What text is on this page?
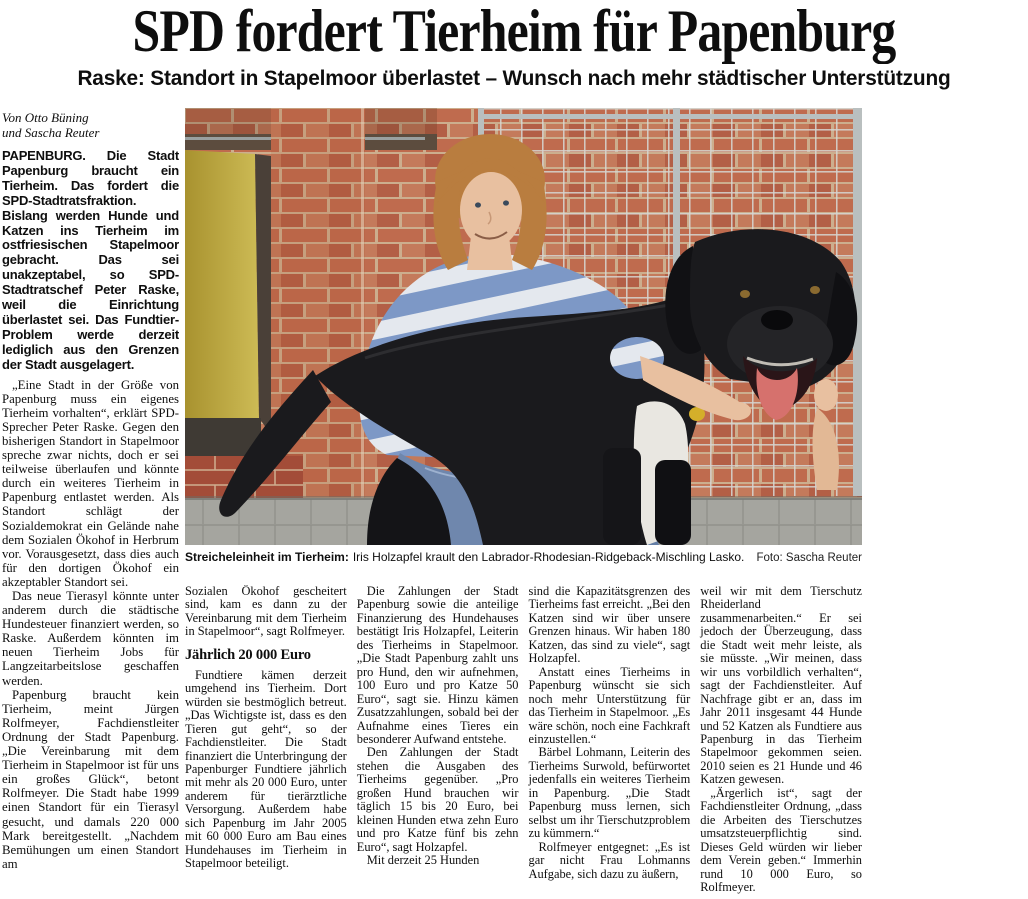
SPD fordert Tierheim für Papenburg
Raske: Standort in Stapelmoor überlastet – Wunsch nach mehr städtischer Unterstützung
Von Otto Büning
und Sascha Reuter

PAPENBURG. Die Stadt Papenburg braucht ein Tierheim. Das fordert die SPD-Stadtratsfraktion. Bislang werden Hunde und Katzen ins Tierheim im ostfriesischen Stapelmoor gebracht. Das sei unakzeptabel, so SPD-Stadtratschef Peter Raske, weil die Einrichtung überlastet sei. Das Fundtier-Problem werde derzeit lediglich aus den Grenzen der Stadt ausgelagert.

„Eine Stadt in der Größe von Papenburg muss ein eigenes Tierheim vorhalten“, erklärt SPD-Sprecher Peter Raske. Gegen den bisherigen Standort in Stapelmoor spreche zwar nichts, doch er sei teilweise überlaufen und könnte durch ein weiteres Tierheim in Papenburg entlastet werden. Als Standort schlägt der Sozialdemokrat ein Gelände nahe dem Sozialen Ökohof in Herbrum vor. Vorausgesetzt, dass dies auch für den dortigen Ökohof ein akzeptabler Standort sei.

Das neue Tierasyl könnte unter anderem durch die städtische Hundesteuer finanziert werden, so Raske. Außerdem könnten im neuen Tierheim Jobs für Langzeitarbeitslose geschaffen werden.

Papenburg braucht kein Tierheim, meint Jürgen Rolfmeyer, Fachdienstleiter Ordnung der Stadt Papenburg. „Die Vereinbarung mit dem Tierheim in Stapelmoor ist für uns ein großes Glück“, betont Rolfmeyer. Die Stadt habe 1999 einen Standort für ein Tierasyl gesucht, und damals 220 000 Mark bereitgestellt. „Nachdem Bemühungen um einen Standort am

Streicheleinheit im Tierheim: Iris Holzapfel krault den Labrador-Rhodesian-Ridgeback-Mischling Lasko. Foto: Sascha Reuter

Sozialen Ökohof gescheitert sind, kam es dann zu der Vereinbarung mit dem Tierheim in Stapelmoor“, sagt Rolfmeyer.

Jährlich 20 000 Euro

Fundtiere kämen derzeit umgehend ins Tierheim. Dort würden sie bestmöglich betreut. „Das Wichtigste ist, dass es den Tieren gut geht“, so der Fachdienstleiter. Die Stadt finanziert die Unterbringung der Papenburger Fundtiere jährlich mit mehr als 20 000 Euro, unter anderem für tierärztliche Versorgung. Außerdem habe sich Papenburg im Jahr 2005 mit 60 000 Euro am Bau eines Hundehauses im Tierheim in Stapelmoor beteiligt.

Die Zahlungen der Stadt Papenburg sowie die anteilige Finanzierung des Hundehauses bestätigt Iris Holzapfel, Leiterin des Tierheims in Stapelmoor. „Die Stadt Papenburg zahlt uns pro Hund, den wir aufnehmen, 100 Euro und pro Katze 50 Euro“, sagt sie. Hinzu kämen Zusatzzahlungen, sobald bei der Aufnahme eines Tieres ein besonderer Aufwand entstehe.

Den Zahlungen der Stadt stehen die Ausgaben des Tierheims gegenüber. „Pro großen Hund brauchen wir täglich 15 bis 20 Euro, bei kleinen Hunden etwa zehn Euro und pro Katze fünf bis zehn Euro“, sagt Holzapfel.

Mit derzeit 25 Hunden

sind die Kapazitätsgrenzen des Tierheims fast erreicht. „Bei den Katzen sind wir über unsere Grenzen hinaus. Wir haben 180 Katzen, das sind zu viele“, sagt Holzapfel.

Anstatt eines Tierheims in Papenburg wünscht sie sich noch mehr Unterstützung für das Tierheim in Stapelmoor. „Es wäre schön, noch eine Fachkraft einzustellen.“

Bärbel Lohmann, Leiterin des Tierheims Surwold, befürwortet jedenfalls ein weiteres Tierheim in Papenburg. „Die Stadt Papenburg muss lernen, sich selbst um ihr Tierschutzproblem zu kümmern.“

Rolfmeyer entgegnet: „Es ist gar nicht Frau Lohmanns Aufgabe, sich dazu zu äußern,

weil wir mit dem Tierschutz Rheiderland zusammenarbeiten.“ Er sei jedoch der Überzeugung, dass die Stadt weit mehr leiste, als sie müsste. „Wir meinen, dass wir uns vorbildlich verhalten“, sagt der Fachdienstleiter. Auf Nachfrage gibt er an, dass im Jahr 2011 insgesamt 44 Hunde und 52 Katzen als Fundtiere aus Papenburg in das Tierheim Stapelmoor gekommen seien. 2010 seien es 21 Hunde und 46 Katzen gewesen.

„Ärgerlich ist“, sagt der Fachdienstleiter Ordnung, „dass die Arbeiten des Tierschutzes umsatzsteuerpflichtig sind. Dieses Geld würden wir lieber dem Verein geben.“ Immerhin rund 10 000 Euro, so Rolfmeyer.
